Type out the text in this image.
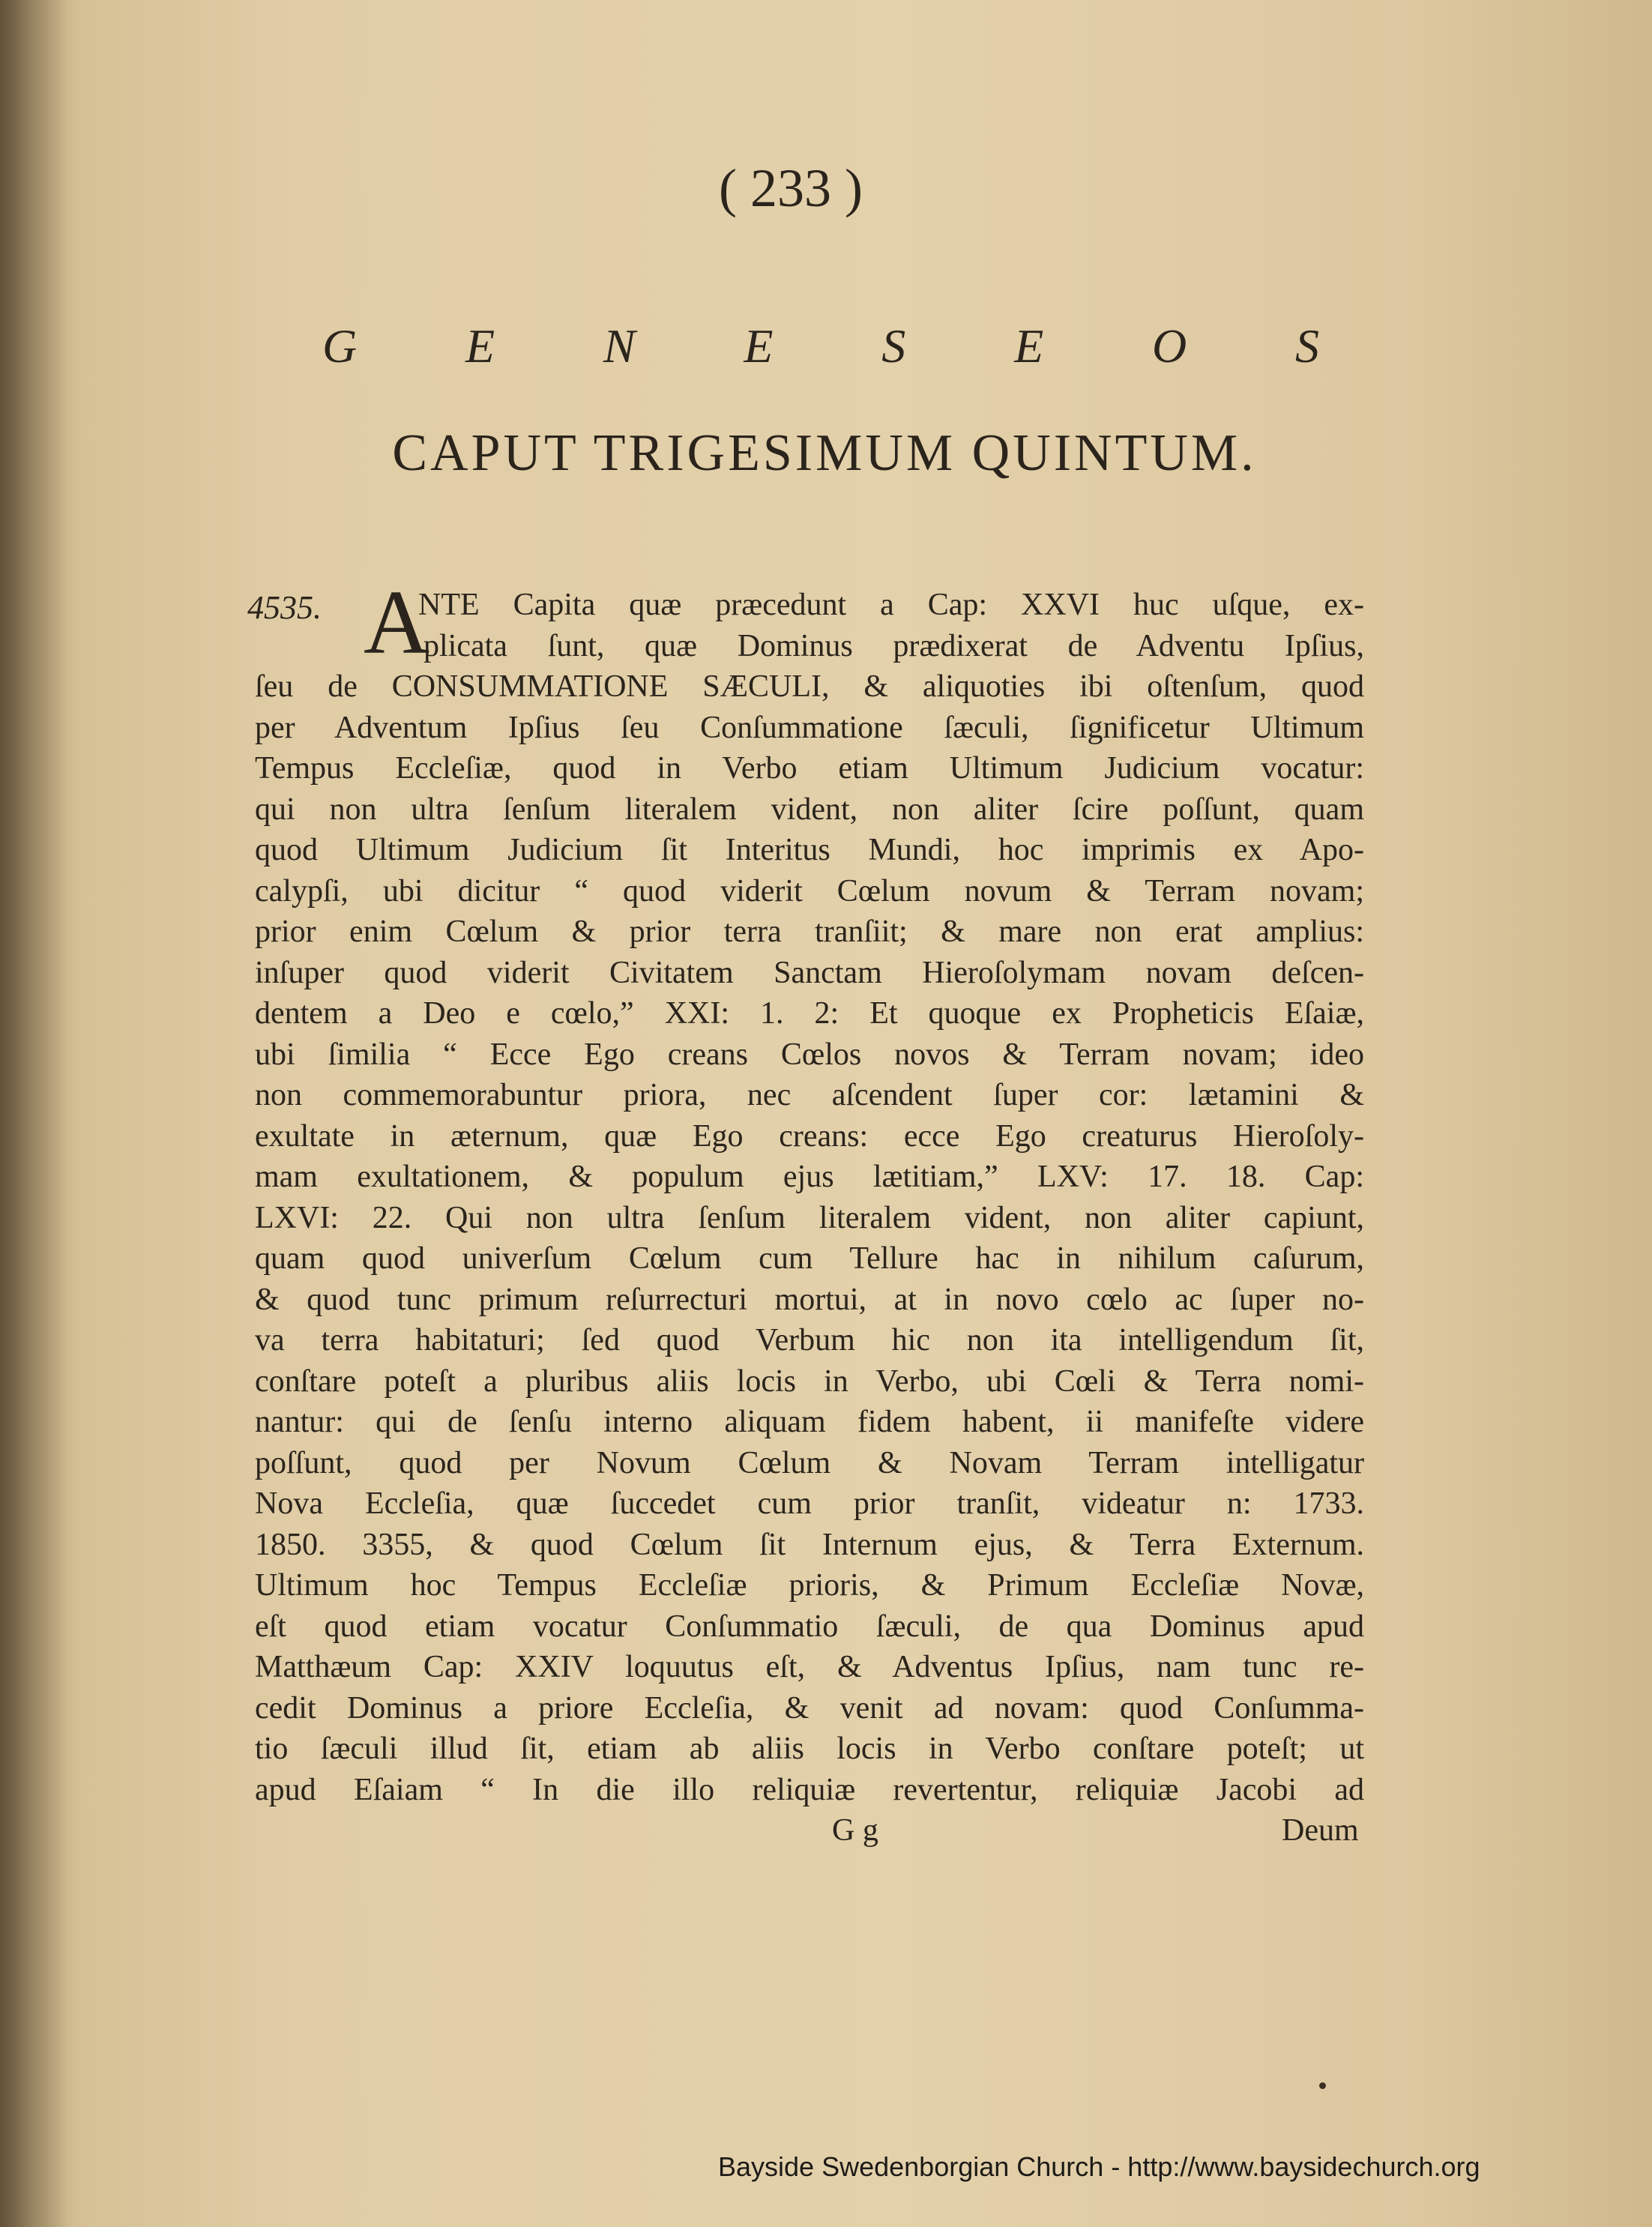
( 233 )
G E N E S E O S
CAPUT TRIGESIMUM QUINTUM.
4535. A
NTE Capita quæ præcedunt a Cap: XXVI huc uſque, ex-
plicata ſunt, quæ Dominus prædixerat de Adventu Ipſius,
ſeu de CONSUMMATIONE SÆCULI, & aliquoties ibi oſtenſum, quod
per Adventum Ipſius ſeu Conſummatione ſæculi, ſignificetur Ultimum
Tempus Eccleſiæ, quod in Verbo etiam Ultimum Judicium vocatur:
qui non ultra ſenſum literalem vident, non aliter ſcire poſſunt, quam
quod Ultimum Judicium ſit Interitus Mundi, hoc imprimis ex Apo-
calypſi, ubi dicitur “ quod viderit Cœlum novum & Terram novam;
prior enim Cœlum & prior terra tranſiit; & mare non erat amplius:
inſuper quod viderit Civitatem Sanctam Hieroſolymam novam deſcen-
dentem a Deo e cœlo,” XXI: 1. 2: Et quoque ex Propheticis Eſaiæ,
ubi ſimilia “ Ecce Ego creans Cœlos novos & Terram novam; ideo
non commemorabuntur priora, nec aſcendent ſuper cor: lætamini &
exultate in æternum, quæ Ego creans: ecce Ego creaturus Hieroſoly-
mam exultationem, & populum ejus lætitiam,” LXV: 17. 18. Cap:
LXVI: 22. Qui non ultra ſenſum literalem vident, non aliter capiunt,
quam quod univerſum Cœlum cum Tellure hac in nihilum caſurum,
& quod tunc primum reſurrecturi mortui, at in novo cœlo ac ſuper no-
va terra habitaturi; ſed quod Verbum hic non ita intelligendum ſit,
conſtare poteſt a pluribus aliis locis in Verbo, ubi Cœli & Terra nomi-
nantur: qui de ſenſu interno aliquam fidem habent, ii manifeſte videre
poſſunt, quod per Novum Cœlum & Novam Terram intelligatur
Nova Eccleſia, quæ ſuccedet cum prior tranſit, videatur n: 1733.
1850. 3355, & quod Cœlum ſit Internum ejus, & Terra Externum.
Ultimum hoc Tempus Eccleſiæ prioris, & Primum Eccleſiæ Novæ,
eſt quod etiam vocatur Conſummatio ſæculi, de qua Dominus apud
Matthæum Cap: XXIV loquutus eſt, & Adventus Ipſius, nam tunc re-
cedit Dominus a priore Eccleſia, & venit ad novam: quod Conſumma-
tio ſæculi illud ſit, etiam ab aliis locis in Verbo conſtare poteſt; ut
apud Eſaiam “ In die illo reliquiæ revertentur, reliquiæ Jacobi ad
G g	Deum
Bayside Swedenborgian Church - http://www.baysidechurch.org
